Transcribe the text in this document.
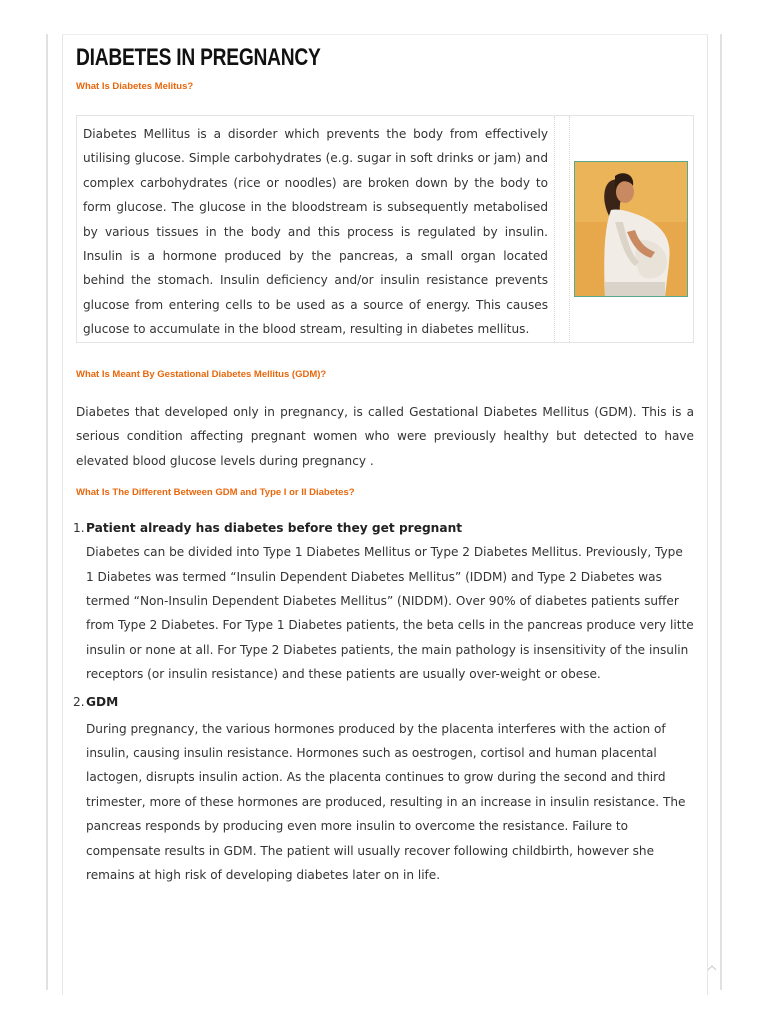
DIABETES IN PREGNANCY
What Is Diabetes Melitus?
Diabetes Mellitus is a disorder which prevents the body from effectively utilising glucose. Simple carbohydrates (e.g. sugar in soft drinks or jam) and complex carbohydrates (rice or noodles) are broken down by the body to form glucose. The glucose in the bloodstream is subsequently metabolised by various tissues in the body and this process is regulated by insulin. Insulin is a hormone produced by the pancreas, a small organ located behind the stomach. Insulin deficiency and/or insulin resistance prevents glucose from entering cells to be used as a source of energy. This causes glucose to accumulate in the blood stream, resulting in diabetes mellitus.
What Is Meant By Gestational Diabetes Mellitus (GDM)?

Diabetes that developed only in pregnancy, is called Gestational Diabetes Mellitus (GDM). This is a serious condition affecting pregnant women who were previously healthy but detected to have elevated blood glucose levels during pregnancy .

What Is The Different Between GDM and Type I or II Diabetes?
1. Patient already has diabetes before they get pregnant

Diabetes can be divided into Type 1 Diabetes Mellitus or Type 2 Diabetes Mellitus. Previously, Type 1 Diabetes was termed “Insulin Dependent Diabetes Mellitus” (IDDM) and Type 2 Diabetes was termed “Non-Insulin Dependent Diabetes Mellitus” (NIDDM). Over 90% of diabetes patients suffer from Type 2 Diabetes. For Type 1 Diabetes patients, the beta cells in the pancreas produce very litte insulin or none at all. For Type 2 Diabetes patients, the main pathology is insensitivity of the insulin receptors (or insulin resistance) and these patients are usually over-weight or obese.

2. GDM

During pregnancy, the various hormones produced by the placenta interferes with the action of insulin, causing insulin resistance. Hormones such as oestrogen, cortisol and human placental lactogen, disrupts insulin action. As the placenta continues to grow during the second and third trimester, more of these hormones are produced, resulting in an increase in insulin resistance. The pancreas responds by producing even more insulin to overcome the resistance. Failure to compensate results in GDM. The patient will usually recover following childbirth, however she remains at high risk of developing diabetes later on in life.
